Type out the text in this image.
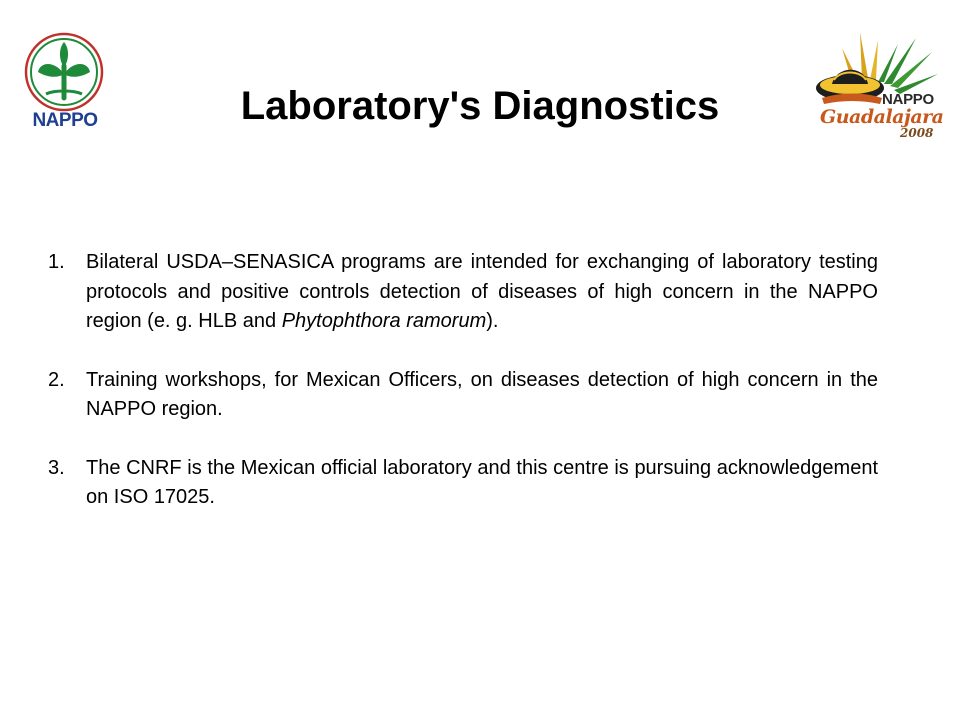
NAPPO
NAPPO
Guadalajara
2008
Laboratory's Diagnostics
1. Bilateral USDA–SENASICA programs are intended for exchanging of laboratory testing protocols and positive controls detection of diseases of high concern in the NAPPO region (e. g. HLB and Phytophthora ramorum).
2. Training workshops, for Mexican Officers, on diseases detection of high concern in the NAPPO region.
3. The CNRF is the Mexican official laboratory and this centre is pursuing acknowledgement on ISO 17025.
